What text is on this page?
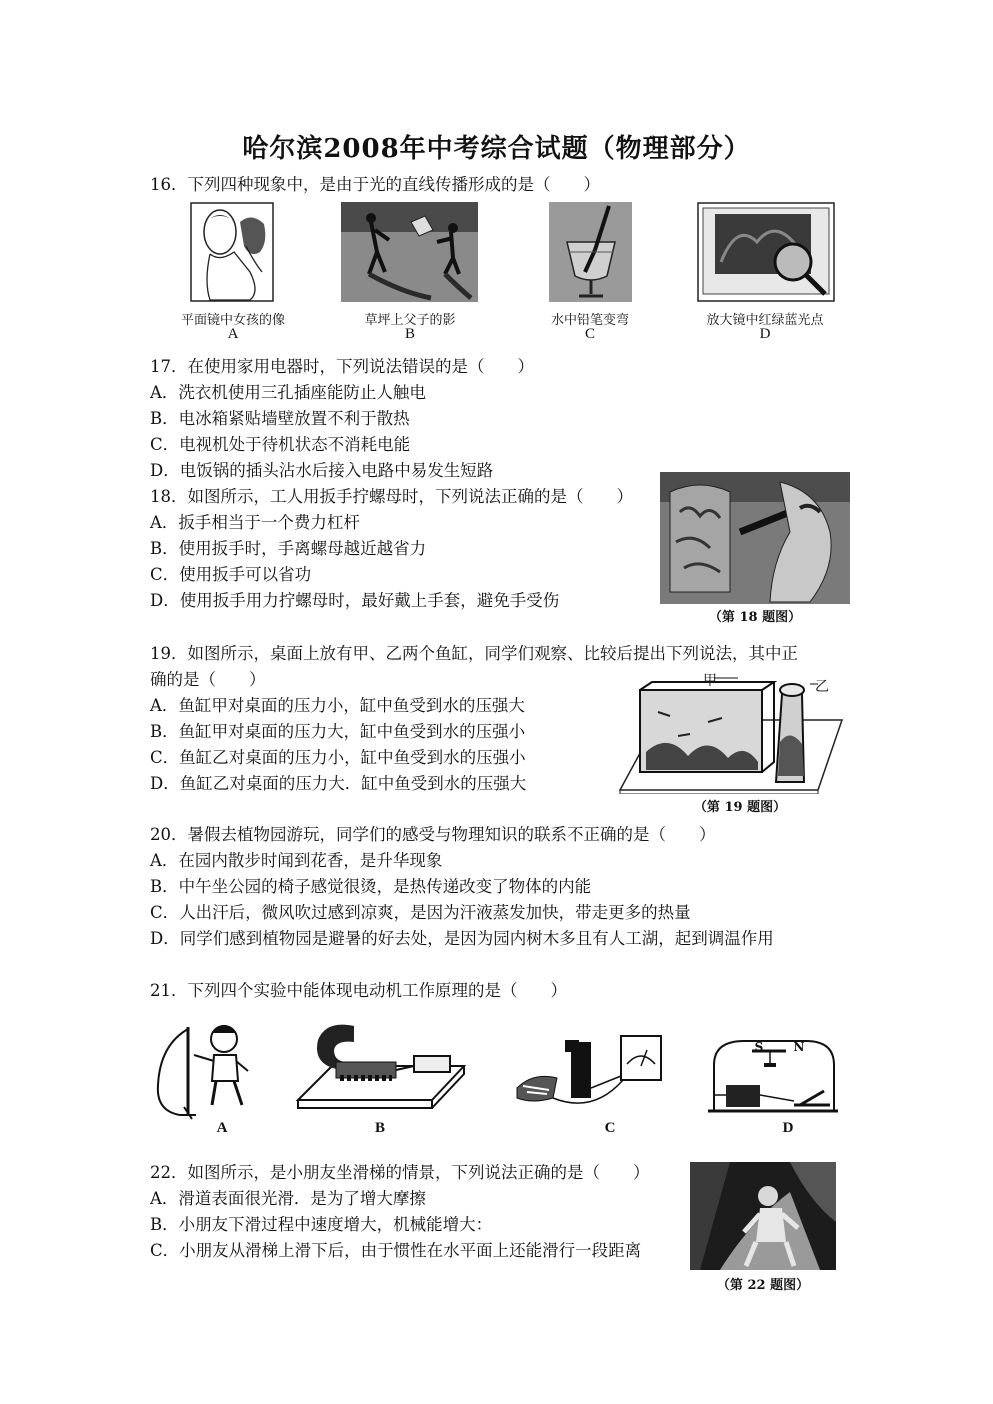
哈尔滨2008年中考综合试题（物理部分）
16．下列四种现象中，是由于光的直线传播形成的是（　　）
平面镜中女孩的像
A
草坪上父子的影
B
水中铅笔变弯
C
放大镜中红绿蓝光点
D
17．在使用家用电器时，下列说法错误的是（　　）
A．洗衣机使用三孔插座能防止人触电
B．电冰箱紧贴墙壁放置不利于散热
C．电视机处于待机状态不消耗电能
D．电饭锅的插头沾水后接入电路中易发生短路
18．如图所示，工人用扳手拧螺母时，下列说法正确的是（　　）
A．扳手相当于一个费力杠杆
B．使用扳手时，手离螺母越近越省力
C．使用扳手可以省功
D．使用扳手用力拧螺母时，最好戴上手套，避免手受伤
（第 18 题图）
19．如图所示，桌面上放有甲、乙两个鱼缸，同学们观察、比较后提出下列说法，其中正
确的是（　　）
A．鱼缸甲对桌面的压力小，缸中鱼受到水的压强大
B．鱼缸甲对桌面的压力大，缸中鱼受到水的压强小
C．鱼缸乙对桌面的压力小，缸中鱼受到水的压强小
D．鱼缸乙对桌面的压力大．缸中鱼受到水的压强大
甲	乙
（第 19 题图）
20．暑假去植物园游玩，同学们的感受与物理知识的联系不正确的是（　　）
A．在园内散步时闻到花香，是升华现象
B．中午坐公园的椅子感觉很烫，是热传递改变了物体的内能
C．人出汗后，微风吹过感到凉爽，是因为汗液蒸发加快，带走更多的热量
D．同学们感到植物园是避暑的好去处，是因为园内树木多且有人工湖，起到调温作用
21．下列四个实验中能体现电动机工作原理的是（　　）
S	N
A	B	C	D
22．如图所示，是小朋友坐滑梯的情景，下列说法正确的是（　　）
A．滑道表面很光滑．是为了增大摩擦
B．小朋友下滑过程中速度增大，机械能增大：
C．小朋友从滑梯上滑下后，由于惯性在水平面上还能滑行一段距离
（第 22 题图）
